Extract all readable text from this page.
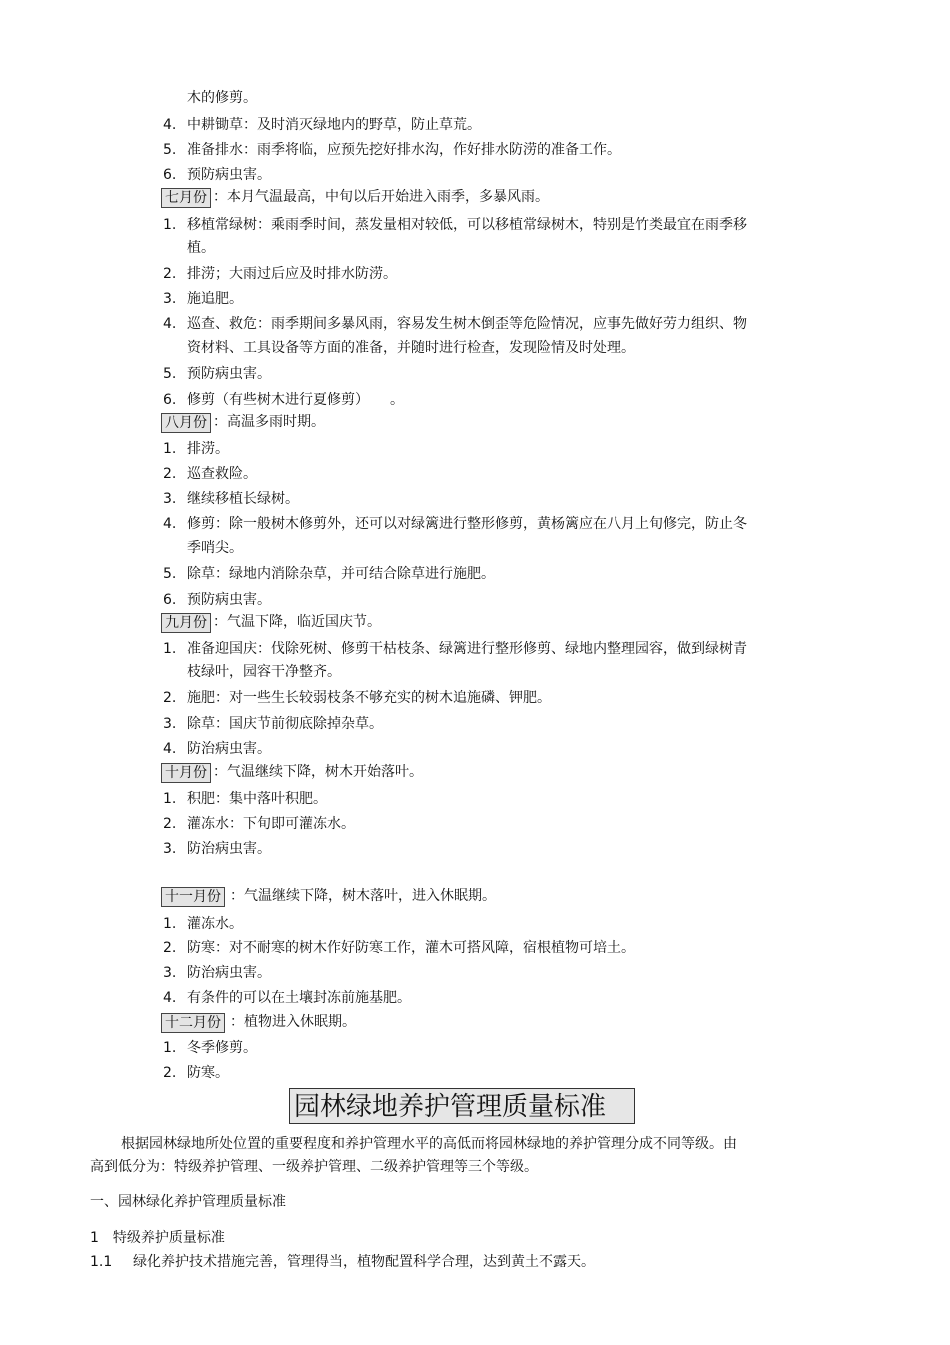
木的修剪。
4. 中耕锄草：及时消灭绿地内的野草，防止草荒。
5. 准备排水：雨季将临，应预先挖好排水沟，作好排水防涝的准备工作。
6. 预防病虫害。
七月份 ：本月气温最高，中旬以后开始进入雨季，多暴风雨。
1. 移植常绿树：乘雨季时间，蒸发量相对较低，可以移植常绿树木，特别是竹类最宜在雨季移
植。
2. 排涝；大雨过后应及时排水防涝。
3. 施追肥。
4. 巡查、救危：雨季期间多暴风雨，容易发生树木倒歪等危险情况，应事先做好劳力组织、物
资材料、工具设备等方面的准备，并随时进行检查，发现险情及时处理。
5. 预防病虫害。
6. 修剪（有些树木进行夏修剪）　　。
八月份 ：高温多雨时期。
1. 排涝。
2. 巡查救险。
3. 继续移植长绿树。
4. 修剪：除一般树木修剪外，还可以对绿篱进行整形修剪，黄杨篱应在八月上旬修完，防止冬
季哨尖。
5. 除草：绿地内消除杂草，并可结合除草进行施肥。
6. 预防病虫害。
九月份 ：气温下降，临近国庆节。
1. 准备迎国庆：伐除死树、修剪干枯枝条、绿篱进行整形修剪、绿地内整理园容，做到绿树青
枝绿叶，园容干净整齐。
2. 施肥：对一些生长较弱枝条不够充实的树木追施磷、钾肥。
3. 除草：国庆节前彻底除掉杂草。
4. 防治病虫害。
十月份 ：气温继续下降，树木开始落叶。
1. 积肥：集中落叶积肥。
2. 灌冻水：下旬即可灌冻水。
3. 防治病虫害。
十一月份 ：气温继续下降，树木落叶，进入休眠期。
1. 灌冻水。
2. 防寒：对不耐寒的树木作好防寒工作，灌木可搭风障，宿根植物可培土。
3. 防治病虫害。
4. 有条件的可以在土壤封冻前施基肥。
十二月份 ：植物进入休眠期。
1. 冬季修剪。
2. 防寒。
园林绿地养护管理质量标准
根据园林绿地所处位置的重要程度和养护管理水平的高低而将园林绿地的养护管理分成不同等级。由
高到低分为：特级养护管理、一级养护管理、二级养护管理等三个等级。
一、园林绿化养护管理质量标准
1　特级养护质量标准
1.1 绿化养护技术措施完善，管理得当，植物配置科学合理，达到黄土不露天。
